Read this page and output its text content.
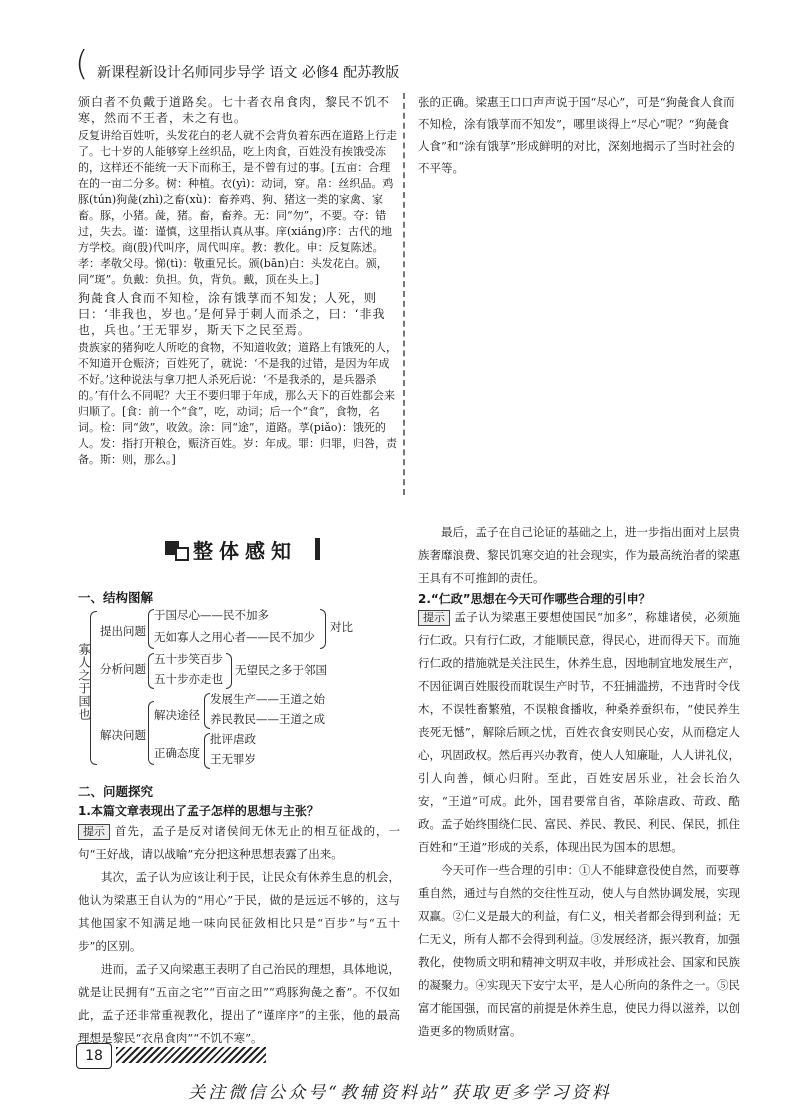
( 新课程新设计名师同步导学 语文 必修4 配苏教版

颁白者不负戴于道路矣。七十者衣帛食肉，黎民不饥不寒，然而不王者，未之有也。

反复讲给百姓听，头发花白的老人就不会背负着东西在道路上行走了。七十岁的人能够穿上丝织品，吃上肉食，百姓没有挨饿受冻的，这样还不能统一天下而称王，是不曾有过的事。[五亩：合理在的一亩二分多。树：种植。衣(yì)：动词，穿。帛：丝织品。鸡豚(tún)狗彘(zhì)之畜(xù)：畜养鸡、狗、猪这一类的家禽、家畜。豚，小猪。彘，猪。畜，畜养。无：同“勿”，不要。夺：错过，失去。谨：谨慎，这里指认真从事。庠(xiáng)序：古代的地方学校。商(殷)代叫序，周代叫庠。教：教化。申：反复陈述。孝：孝敬父母。悌(tì)：敬重兄长。颁(bān)白：头发花白。颁，同“斑”。负戴：负担。负，背负。戴，顶在头上。]

狗彘食人食而不知检，涂有饿莩而不知发；人死，则曰：‘非我也，岁也。’是何异于刺人而杀之，曰：‘非我也，兵也。’王无罪岁，斯天下之民至焉。

贵族家的猪狗吃人所吃的食物，不知道收敛；道路上有饿死的人，不知道开仓赈济；百姓死了，就说：‘不是我的过错，是因为年成不好。’这种说法与拿刀把人杀死后说：‘不是我杀的，是兵器杀的。’有什么不同呢？大王不要归罪于年成，那么天下的百姓都会来归顺了。[食：前一个“食”，吃，动词；后一个“食”，食物，名词。检：同“敛”，收敛。涂：同“途”，道路。莩(piǎo)：饿死的人。发：指打开粮仓，赈济百姓。岁：年成。罪：归罪，归咎，责备。斯：则，那么。]

张的正确。梁惠王口口声声说于国“尽心”，可是“狗彘食人食而不知检，涂有饿莩而不知发”，哪里谈得上“尽心”呢？“狗彘食人食”和“涂有饿莩”形成鲜明的对比，深刻地揭示了当时社会的不平等。

整体感知
一、结构图解
寡人之于国也
提出问题
于国尽心——民不加多
无如寡人之用心者——民不加少
对比
分析问题
五十步笑百步
五十步亦走也
无望民之多于邻国
解决问题
解决途径
发展生产——王道之始
养民教民——王道之成
正确态度
批评虐政
王无罪岁
二、问题探究
1.本篇文章表现出了孟子怎样的思想与主张？

提示 首先，孟子是反对诸侯间无休无止的相互征战的，一句“王好战，请以战喻”充分把这种思想表露了出来。

其次，孟子认为应该让利于民，让民众有休养生息的机会，他认为梁惠王自认为的“用心”于民，做的是远远不够的，这与其他国家不知满足地一味向民征敛相比只是“百步”与“五十步”的区别。

进而，孟子又向梁惠王表明了自己治民的理想，具体地说，就是让民拥有“五亩之宅”“百亩之田”“鸡豚狗彘之畜”。不仅如此，孟子还非常重视教化，提出了“谨庠序”的主张，他的最高理想是黎民“衣帛食肉”“不饥不寒”。

最后，孟子在自己论证的基础之上，进一步指出面对上层贵族奢靡浪费、黎民饥寒交迫的社会现实，作为最高统治者的梁惠王具有不可推卸的责任。

2.“仁政”思想在今天可作哪些合理的引申？

提示 孟子认为梁惠王要想使国民“加多”，称雄诸侯，必须施行仁政。只有行仁政，才能顺民意，得民心，进而得天下。而施行仁政的措施就是关注民生，休养生息，因地制宜地发展生产，不因征调百姓服役而耽误生产时节，不狂捕滥捞，不违背时令伐木，不误牲畜繁殖，不误粮食播收，种桑养蚕织布，“使民养生丧死无憾”，解除后顾之忧，百姓衣食安则民心安，从而稳定人心，巩固政权。然后再兴办教育，使人人知廉耻，人人讲礼仪，引人向善，倾心归附。至此，百姓安居乐业，社会长治久安，“王道”可成。此外，国君要常自省，革除虐政、苛政、酷政。孟子始终围绕仁民、富民、养民、教民、利民、保民，抓住百姓和“王道”形成的关系，体现出民为国本的思想。

今天可作一些合理的引申：①人不能肆意役使自然，而要尊重自然，通过与自然的交往性互动，使人与自然协调发展，实现双赢。②仁义是最大的利益，有仁义，相关者都会得到利益；无仁无义，所有人都不会得到利益。③发展经济，振兴教育，加强教化，使物质文明和精神文明双丰收，并形成社会、国家和民族的凝聚力。④实现天下安宁太平，是人心所向的条件之一。⑤民富才能国强，而民富的前提是休养生息，使民力得以滋养，以创造更多的物质财富。

18
关注微信公众号“教辅资料站”获取更多学习资料
